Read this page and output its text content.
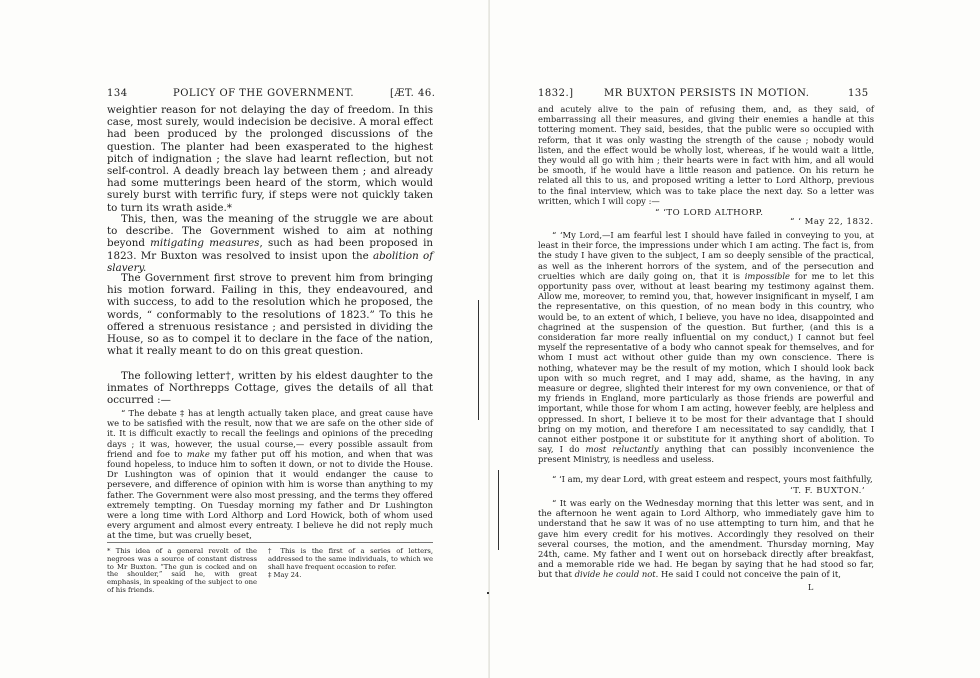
134	POLICY OF THE GOVERNMENT.	[ÆT. 46.

weightier reason for not delaying the day of freedom. In this case, most surely, would indecision be decisive. A moral effect had been produced by the prolonged discussions of the question. The planter had been exasperated to the highest pitch of indignation ; the slave had learnt reflection, but not self-control. A deadly breach lay between them ; and already had some mutterings been heard of the storm, which would surely burst with terrific fury, if steps were not quickly taken to turn its wrath aside.*

This, then, was the meaning of the struggle we are about to describe. The Government wished to aim at nothing beyond mitigating measures, such as had been proposed in 1823. Mr Buxton was resolved to insist upon the abolition of slavery.

The Government first strove to prevent him from bringing his motion forward. Failing in this, they endeavoured, and with success, to add to the resolution which he proposed, the words, “ conformably to the resolutions of 1823.” To this he offered a strenuous resistance ; and persisted in dividing the House, so as to compel it to declare in the face of the nation, what it really meant to do on this great question.

The following letter†, written by his eldest daughter to the inmates of Northrepps Cottage, gives the details of all that occurred :—

“ The debate ‡ has at length actually taken place, and great cause have we to be satisfied with the result, now that we are safe on the other side of it. It is difficult exactly to recall the feelings and opinions of the preceding days ; it was, however, the usual course,— every possible assault from friend and foe to make my father put off his motion, and when that was found hopeless, to induce him to soften it down, or not to divide the House. Dr Lushington was of opinion that it would endanger the cause to persevere, and difference of opinion with him is worse than anything to my father. The Government were also most pressing, and the terms they offered extremely tempting. On Tuesday morning my father and Dr Lushington were a long time with Lord Althorp and Lord Howick, both of whom used every argument and almost every entreaty. I believe he did not reply much at the time, but was cruelly beset,

* This idea of a general revolt of the negroes was a source of constant distress to Mr Buxton. “The gun is cocked and on the shoulder,” said he, with great emphasis, in speaking of the subject to one of his friends.

† This is the first of a series of letters, addressed to the same individuals, to which we shall have frequent occasion to refer.

‡ May 24.

1832.]	MR BUXTON PERSISTS IN MOTION.	135

and acutely alive to the pain of refusing them, and, as they said, of embarrassing all their measures, and giving their enemies a handle at this tottering moment. They said, besides, that the public were so occupied with reform, that it was only wasting the strength of the cause ; nobody would listen, and the effect would be wholly lost, whereas, if he would wait a little, they would all go with him ; their hearts were in fact with him, and all would be smooth, if he would have a little reason and patience. On his return he related all this to us, and proposed writing a letter to Lord Althorp, previous to the final interview, which was to take place the next day. So a letter was written, which I will copy :—

“ ‘TO LORD ALTHORP.
“ ‘ May 22, 1832.

“ ‘My Lord,—I am fearful lest I should have failed in conveying to you, at least in their force, the impressions under which I am acting. The fact is, from the study I have given to the subject, I am so deeply sensible of the practical, as well as the inherent horrors of the system, and of the persecution and cruelties which are daily going on, that it is impossible for me to let this opportunity pass over, without at least bearing my testimony against them. Allow me, moreover, to remind you, that, however insignificant in myself, I am the representative, on this question, of no mean body in this country, who would be, to an extent of which, I believe, you have no idea, disappointed and chagrined at the suspension of the question. But further, (and this is a consideration far more really influential on my conduct,) I cannot but feel myself the representative of a body who cannot speak for themselves, and for whom I must act without other guide than my own conscience. There is nothing, whatever may be the result of my motion, which I should look back upon with so much regret, and I may add, shame, as the having, in any measure or degree, slighted their interest for my own convenience, or that of my friends in England, more particularly as those friends are powerful and important, while those for whom I am acting, however feebly, are helpless and oppressed. In short, I believe it to be most for their advantage that I should bring on my motion, and therefore I am necessitated to say candidly, that I cannot either postpone it or substitute for it anything short of abolition. To say, I do most reluctantly anything that can possibly inconvenience the present Ministry, is needless and useless.

“ ‘I am, my dear Lord, with great esteem and respect, yours most faithfully,

‘T. F. BUXTON.’

“ It was early on the Wednesday morning that this letter was sent, and in the afternoon he went again to Lord Althorp, who immediately gave him to understand that he saw it was of no use attempting to turn him, and that he gave him every credit for his motives. Accordingly they resolved on their several courses, the motion, and the amendment. Thursday morning, May 24th, came. My father and I went out on horseback directly after breakfast, and a memorable ride we had. He began by saying that he had stood so far, but that divide he could not. He said I could not conceive the pain of it,

L
